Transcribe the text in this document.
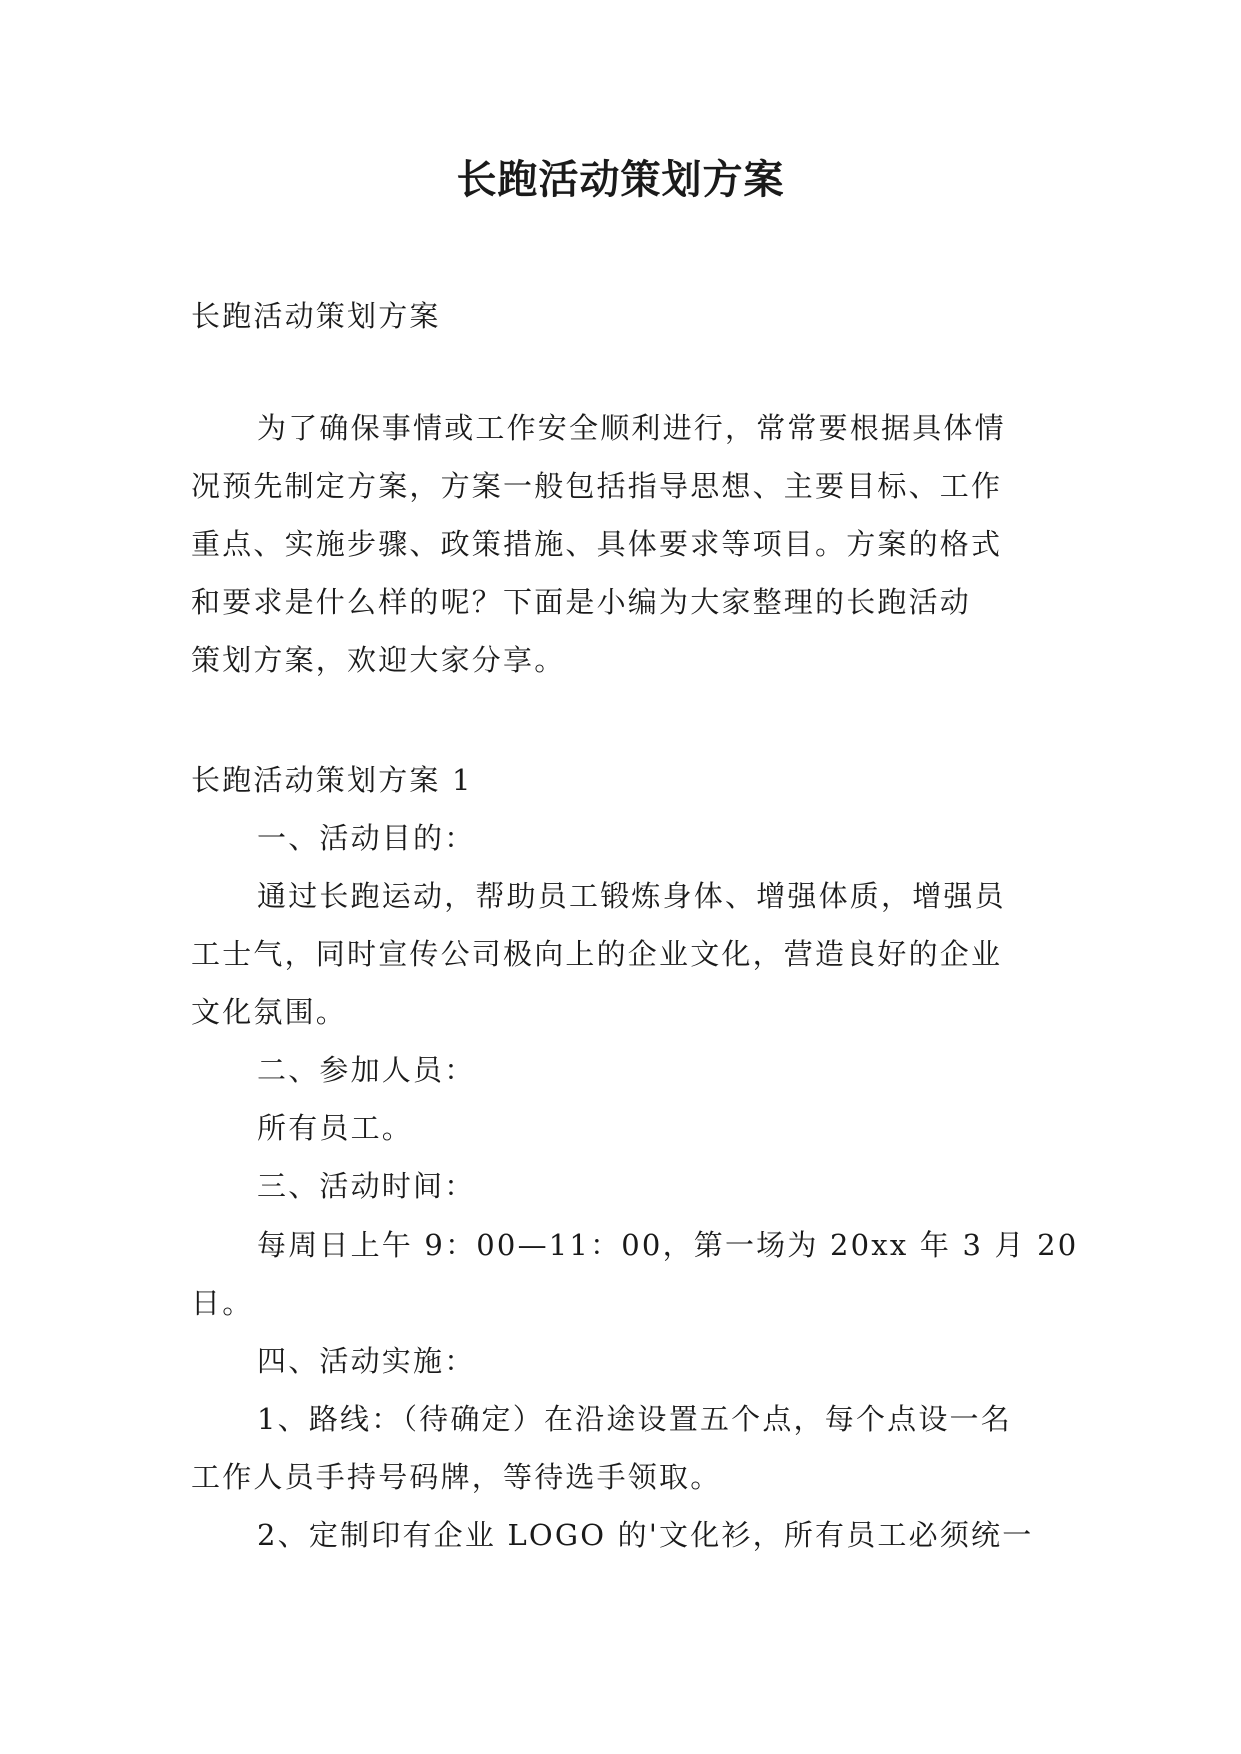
长跑活动策划方案
长跑活动策划方案
为了确保事情或工作安全顺利进行，常常要根据具体情
况预先制定方案，方案一般包括指导思想、主要目标、工作
重点、实施步骤、政策措施、具体要求等项目。方案的格式
和要求是什么样的呢？下面是小编为大家整理的长跑活动
策划方案，欢迎大家分享。
长跑活动策划方案 1
一、活动目的：
通过长跑运动，帮助员工锻炼身体、增强体质，增强员
工士气，同时宣传公司极向上的企业文化，营造良好的企业
文化氛围。
二、参加人员：
所有员工。
三、活动时间：
每周日上午 9：00—11：00，第一场为 20xx 年 3 月 20
日。
四、活动实施：
1、路线：（待确定）在沿途设置五个点，每个点设一名
工作人员手持号码牌，等待选手领取。
2、定制印有企业 LOGO 的'文化衫，所有员工必须统一
